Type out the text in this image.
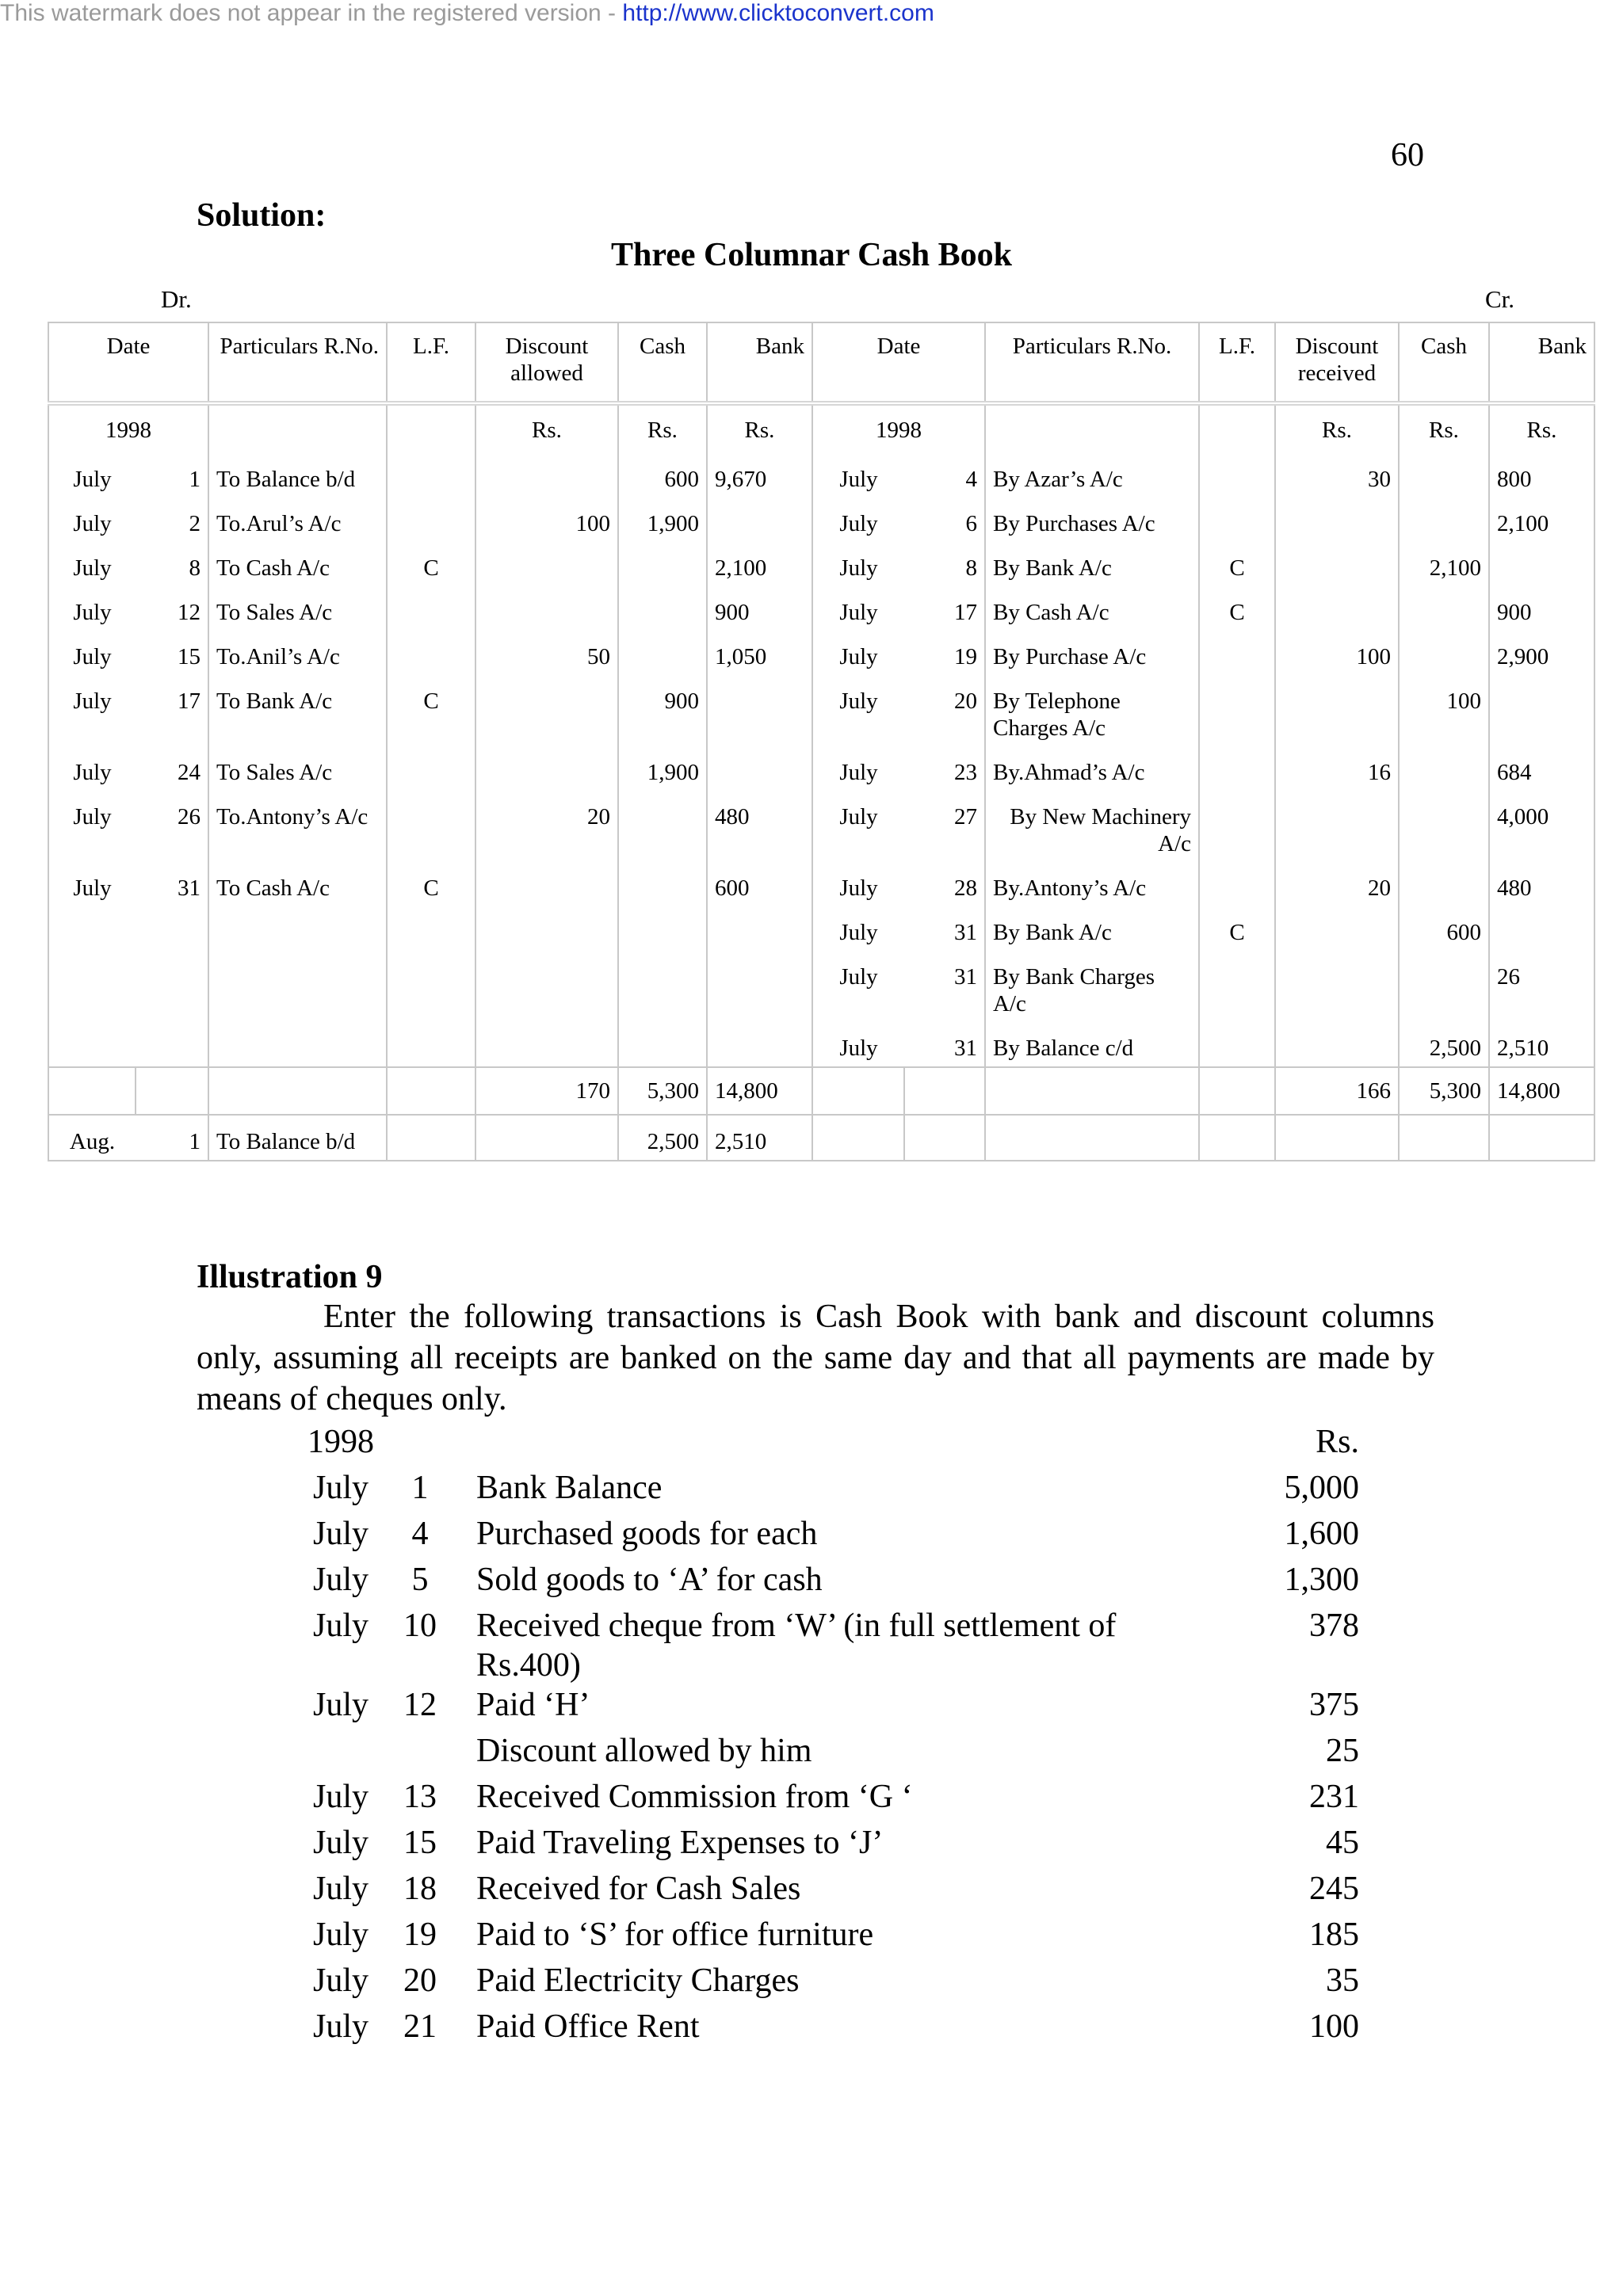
This watermark does not appear in the registered version - http://www.clicktoconvert.com
60
Solution:
Three Columnar Cash Book
Dr.	Cr.
Date		Particulars R.No.	L.F.	Discount allowed	Cash	Bank	Date		Particulars R.No.	L.F.	Discount received	Cash	Bank
1998				Rs.	Rs.	Rs.	1998				Rs.	Rs.	Rs.
July	1	To Balance b/d			600	9,670	July	4	By Azar’s A/c		30		800
July	2	To.Arul’s A/c		100	1,900		July	6	By Purchases A/c				2,100
July	8	To Cash A/c	C			2,100	July	8	By Bank A/c	C		2,100	
July	12	To Sales A/c				900	July	17	By Cash A/c	C			900
July	15	To.Anil’s A/c		50		1,050	July	19	By Purchase A/c		100		2,900
July	17	To Bank A/c	C		900		July	20	By Telephone Charges A/c			100	
July	24	To Sales A/c			1,900		July	23	By.Ahmad’s A/c		16		684
July	26	To.Antony’s A/c		20		480	July	27	By New Machinery A/c				4,000
July	31	To Cash A/c	C			600	July	28	By.Antony’s A/c		20		480
							July	31	By Bank A/c	C		600	
							July	31	By Bank Charges A/c				26
							July	31	By Balance c/d			2,500	2,510
				170	5,300	14,800					166	5,300	14,800
Aug.	1	To Balance b/d			2,500	2,510							
Illustration 9
Enter the following transactions is Cash Book with bank and discount columns only, assuming all receipts are banked on the same day and that all payments are made by means of cheques only.
1998				Rs.
July	1		Bank Balance	5,000
July	4		Purchased goods for each	1,600
July	5		Sold goods to ‘A’ for cash	1,300
July	10		Received cheque from ‘W’ (in full settlement of Rs.400)	378
July	12		Paid ‘H’	375
			Discount allowed by him	25
July	13		Received Commission from ‘G ‘	231
July	15		Paid Traveling Expenses to ‘J’	45
July	18		Received for Cash Sales	245
July	19		Paid to ‘S’ for office furniture	185
July	20		Paid Electricity Charges	35
July	21		Paid Office Rent	100
